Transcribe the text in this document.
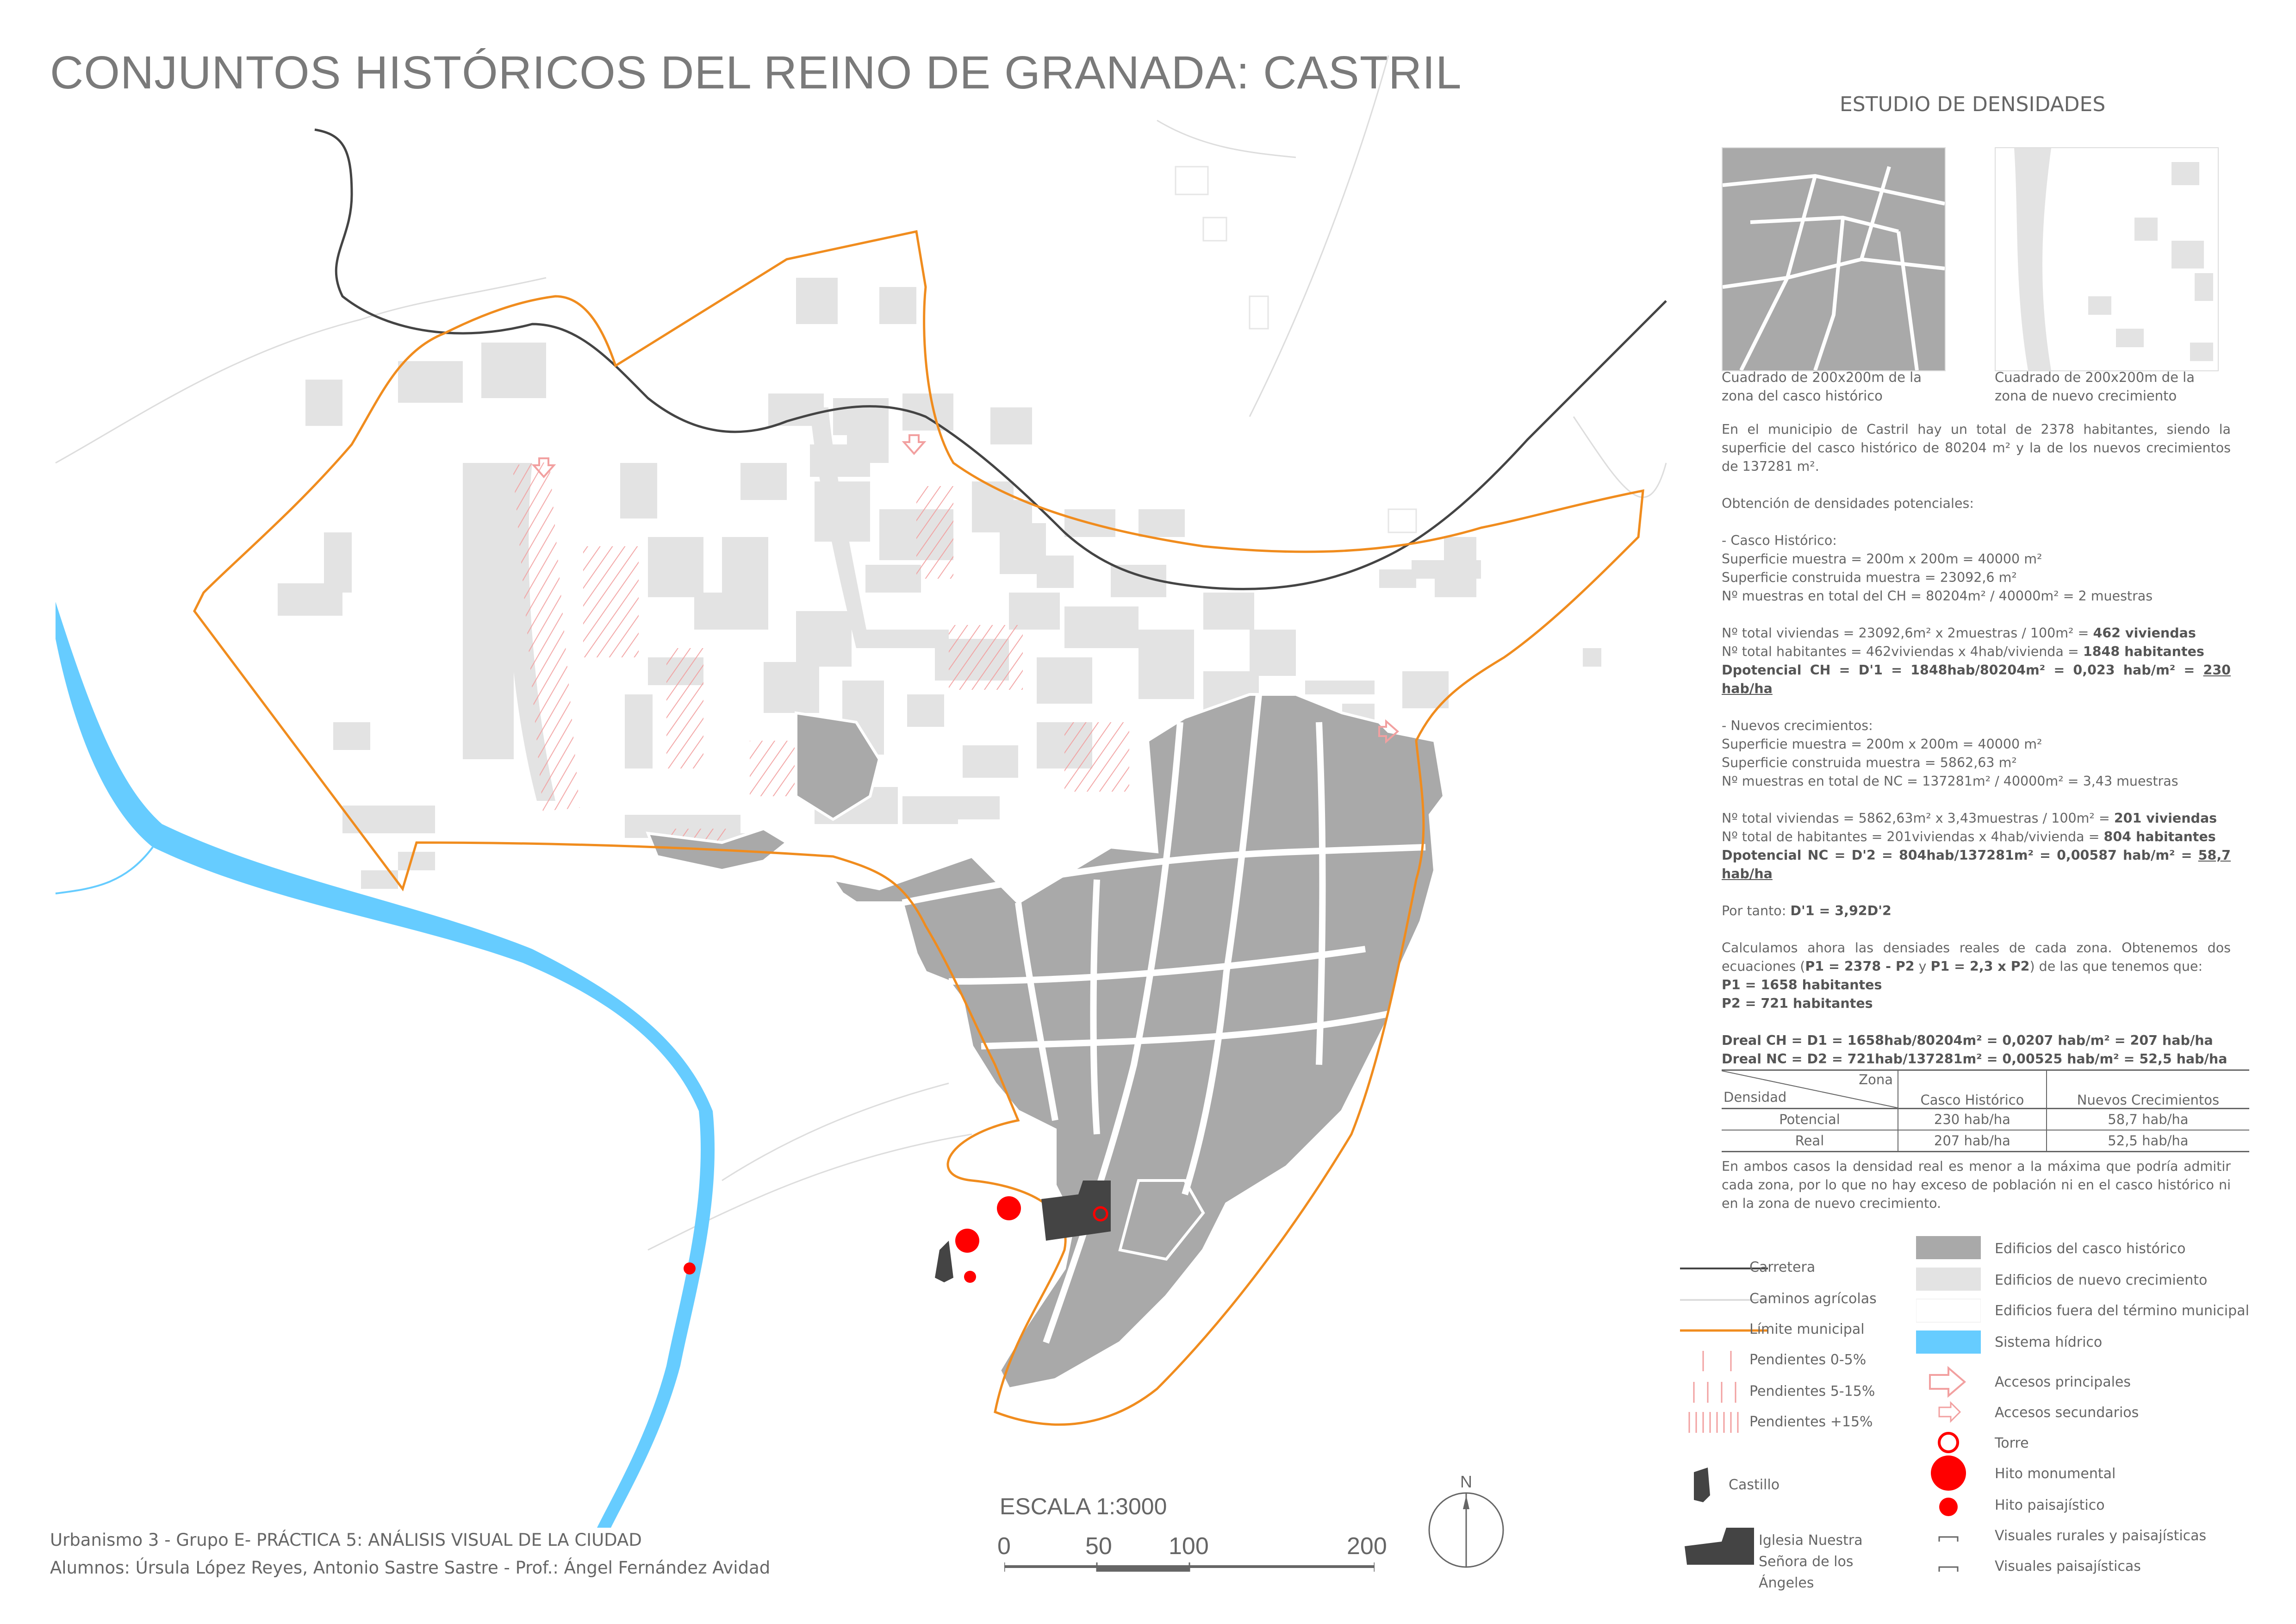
CONJUNTOS HISTÓRICOS DEL REINO DE GRANADA: CASTRIL
ESTUDIO DE DENSIDADES
Cuadrado de 200x200m de la zona del casco histórico
Cuadrado de 200x200m de la zona de nuevo crecimiento

En el municipio de Castril hay un total de 2378 habitantes, siendo la superficie del casco histórico de 80204 m² y la de los nuevos crecimientos de 137281 m².

Obtención de densidades potenciales:

- Casco Histórico:

Superficie muestra = 200m x 200m = 40000 m²

Superficie construida muestra = 23092,6 m²

Nº muestras en total del CH = 80204m² / 40000m² = 2 muestras

Nº total viviendas = 23092,6m² x 2muestras / 100m² = 462 viviendas

Nº total habitantes = 462viviendas x 4hab/vivienda = 1848 habitantes

Dpotencial CH = D'1 = 1848hab/80204m² = 0,023 hab/m² = 230 hab/ha

- Nuevos crecimientos:

Superficie muestra = 200m x 200m = 40000 m²

Superficie construida muestra = 5862,63 m²

Nº muestras en total de NC = 137281m² / 40000m² = 3,43 muestras

Nº total viviendas = 5862,63m² x 3,43muestras / 100m² = 201 viviendas

Nº total de habitantes = 201viviendas x 4hab/vivienda = 804 habitantes

Dpotencial NC = D'2 = 804hab/137281m² = 0,00587 hab/m² = 58,7 hab/ha

Por tanto: D'1 = 3,92D'2

Calculamos ahora las densiades reales de cada zona. Obtenemos dos ecuaciones (P1 = 2378 - P2 y P1 = 2,3 x P2) de las que tenemos que:

P1 = 1658 habitantes

P2 = 721 habitantes

Dreal CH = D1 = 1658hab/80204m² = 0,0207 hab/m² = 207 hab/ha

Dreal NC = D2 = 721hab/137281m² = 0,00525 hab/m² = 52,5 hab/ha

Zona
Densidad	Casco Histórico	Nuevos Crecimientos
Potencial	230 hab/ha	58,7 hab/ha
Real	207 hab/ha	52,5 hab/ha
En ambos casos la densidad real es menor a la máxima que podría admitir cada zona, por lo que no hay exceso de población ni en el casco histórico ni en la zona de nuevo crecimiento.
Carretera
Caminos agrícolas
Límite municipal
Pendientes 0-5%
Pendientes 5-15%
Pendientes +15%
Castillo
Iglesia Nuestra Señora de los Ángeles
Edificios del casco histórico
Edificios de nuevo crecimiento
Edificios fuera del término municipal
Sistema hídrico
Accesos principales
Accesos secundarios
Torre
Hito monumental
Hito paisajístico
Visuales rurales y paisajísticas
Visuales paisajísticas
ESCALA 1:3000
0	50 100	200
N
Urbanismo 3 - Grupo E- PRÁCTICA 5: ANÁLISIS VISUAL DE LA CIUDAD
Alumnos: Úrsula López Reyes, Antonio Sastre Sastre - Prof.: Ángel Fernández Avidad
